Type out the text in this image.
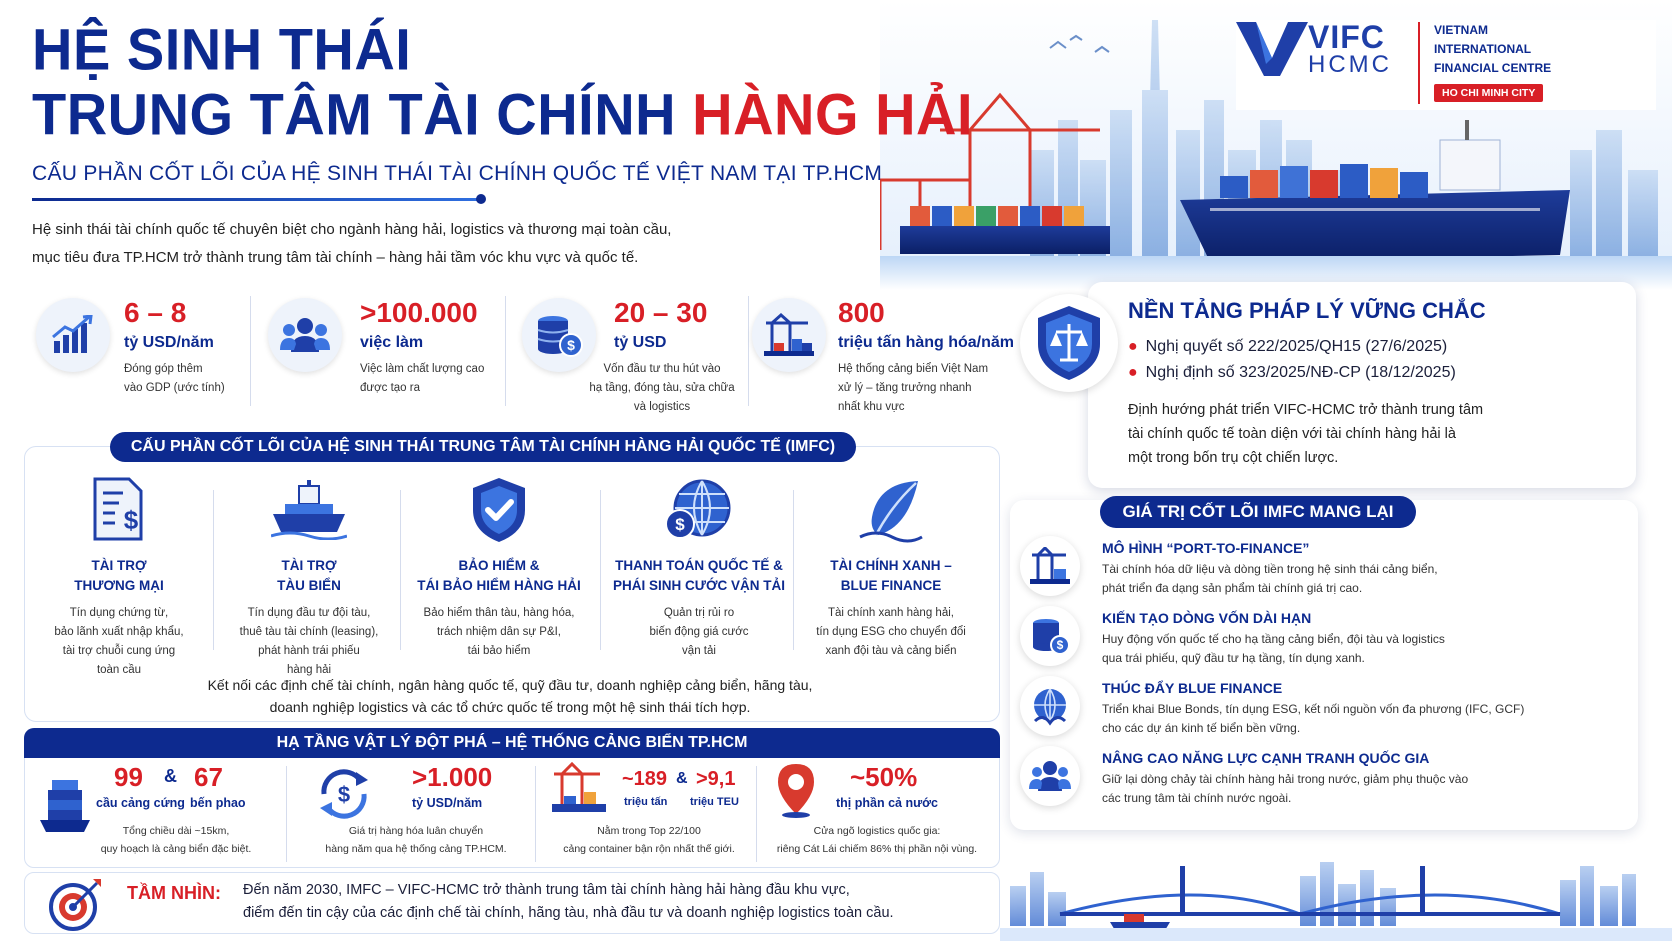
VIFC
HCMC
VIETNAM
INTERNATIONAL
FINANCIAL CENTRE
HO CHI MINH CITY
HỆ SINH THÁI
TRUNG TÂM TÀI CHÍNH HÀNG HẢI
CẤU PHẦN CỐT LÕI CỦA HỆ SINH THÁI TÀI CHÍNH QUỐC TẾ VIỆT NAM TẠI TP.HCM
Hệ sinh thái tài chính quốc tế chuyên biệt cho ngành hàng hải, logistics và thương mại toàn cầu,
mục tiêu đưa TP.HCM trở thành trung tâm tài chính – hàng hải tầm vóc khu vực và quốc tế.
6 – 8
tỷ USD/năm
Đóng góp thêm
vào GDP (ước tính)
>100.000
việc làm
Việc làm chất lượng cao
được tạo ra
$
20 – 30
tỷ USD
Vốn đầu tư thu hút vào
hạ tầng, đóng tàu, sửa chữa
và logistics
800
triệu tấn hàng hóa/năm
Hệ thống cảng biển Việt Nam
xử lý – tăng trưởng nhanh
nhất khu vực
CẤU PHẦN CỐT LÕI CỦA HỆ SINH THÁI TRUNG TÂM TÀI CHÍNH HÀNG HẢI QUỐC TẾ (IMFC)
$
TÀI TRỢ
THƯƠNG MẠI
Tín dụng chứng từ,
bảo lãnh xuất nhập khẩu,
tài trợ chuỗi cung ứng
toàn cầu
TÀI TRỢ
TÀU BIỂN
Tín dụng đầu tư đội tàu,
thuê tàu tài chính (leasing),
phát hành trái phiếu
hàng hải
BẢO HIỂM &
TÁI BẢO HIỂM HÀNG HẢI
Bảo hiểm thân tàu, hàng hóa,
trách nhiệm dân sự P&I,
tái bảo hiểm
$
THANH TOÁN QUỐC TẾ &
PHÁI SINH CƯỚC VẬN TẢI
Quản trị rủi ro
biến động giá cước
vận tải
TÀI CHÍNH XANH –
BLUE FINANCE
Tài chính xanh hàng hải,
tín dụng ESG cho chuyển đổi
xanh đội tàu và cảng biển
Kết nối các định chế tài chính, ngân hàng quốc tế, quỹ đầu tư, doanh nghiệp cảng biển, hãng tàu,
doanh nghiệp logistics và các tổ chức quốc tế trong một hệ sinh thái tích hợp.
HẠ TẦNG VẬT LÝ ĐỘT PHÁ – HỆ THỐNG CẢNG BIỂN TP.HCM
99 & 67
cầu cảng cứng bến phao
Tổng chiều dài ~15km,
quy hoạch là cảng biển đặc biệt.
$
>1.000
tỷ USD/năm
Giá trị hàng hóa luân chuyển
hàng năm qua hệ thống cảng TP.HCM.
~189 & >9,1
triệu tấn triệu TEU
Nằm trong Top 22/100
cảng container bận rộn nhất thế giới.
~50%
thị phần cả nước
Cửa ngõ logistics quốc gia:
riêng Cát Lái chiếm 86% thị phần nội vùng.
TẦM NHÌN: Đến năm 2030, IMFC – VIFC-HCMC trở thành trung tâm tài chính hàng hải hàng đầu khu vực,
điểm đến tin cậy của các định chế tài chính, hãng tàu, nhà đầu tư và doanh nghiệp logistics toàn cầu.
NỀN TẢNG PHÁP LÝ VỮNG CHẮC
● Nghị quyết số 222/2025/QH15 (27/6/2025)
● Nghị định số 323/2025/NĐ-CP (18/12/2025)
Định hướng phát triển VIFC-HCMC trở thành trung tâm
tài chính quốc tế toàn diện với tài chính hàng hải là
một trong bốn trụ cột chiến lược.
GIÁ TRỊ CỐT LÕI IMFC MANG LẠI
MÔ HÌNH “PORT-TO-FINANCE”
Tài chính hóa dữ liệu và dòng tiền trong hệ sinh thái cảng biển,
phát triển đa dạng sản phẩm tài chính giá trị cao.
$
KIẾN TẠO DÒNG VỐN DÀI HẠN
Huy động vốn quốc tế cho hạ tầng cảng biển, đội tàu và logistics
qua trái phiếu, quỹ đầu tư hạ tầng, tín dụng xanh.
THÚC ĐẨY BLUE FINANCE
Triển khai Blue Bonds, tín dụng ESG, kết nối nguồn vốn đa phương (IFC, GCF)
cho các dự án kinh tế biển bền vững.
NÂNG CAO NĂNG LỰC CẠNH TRANH QUỐC GIA
Giữ lại dòng chảy tài chính hàng hải trong nước, giảm phụ thuộc vào
các trung tâm tài chính nước ngoài.
